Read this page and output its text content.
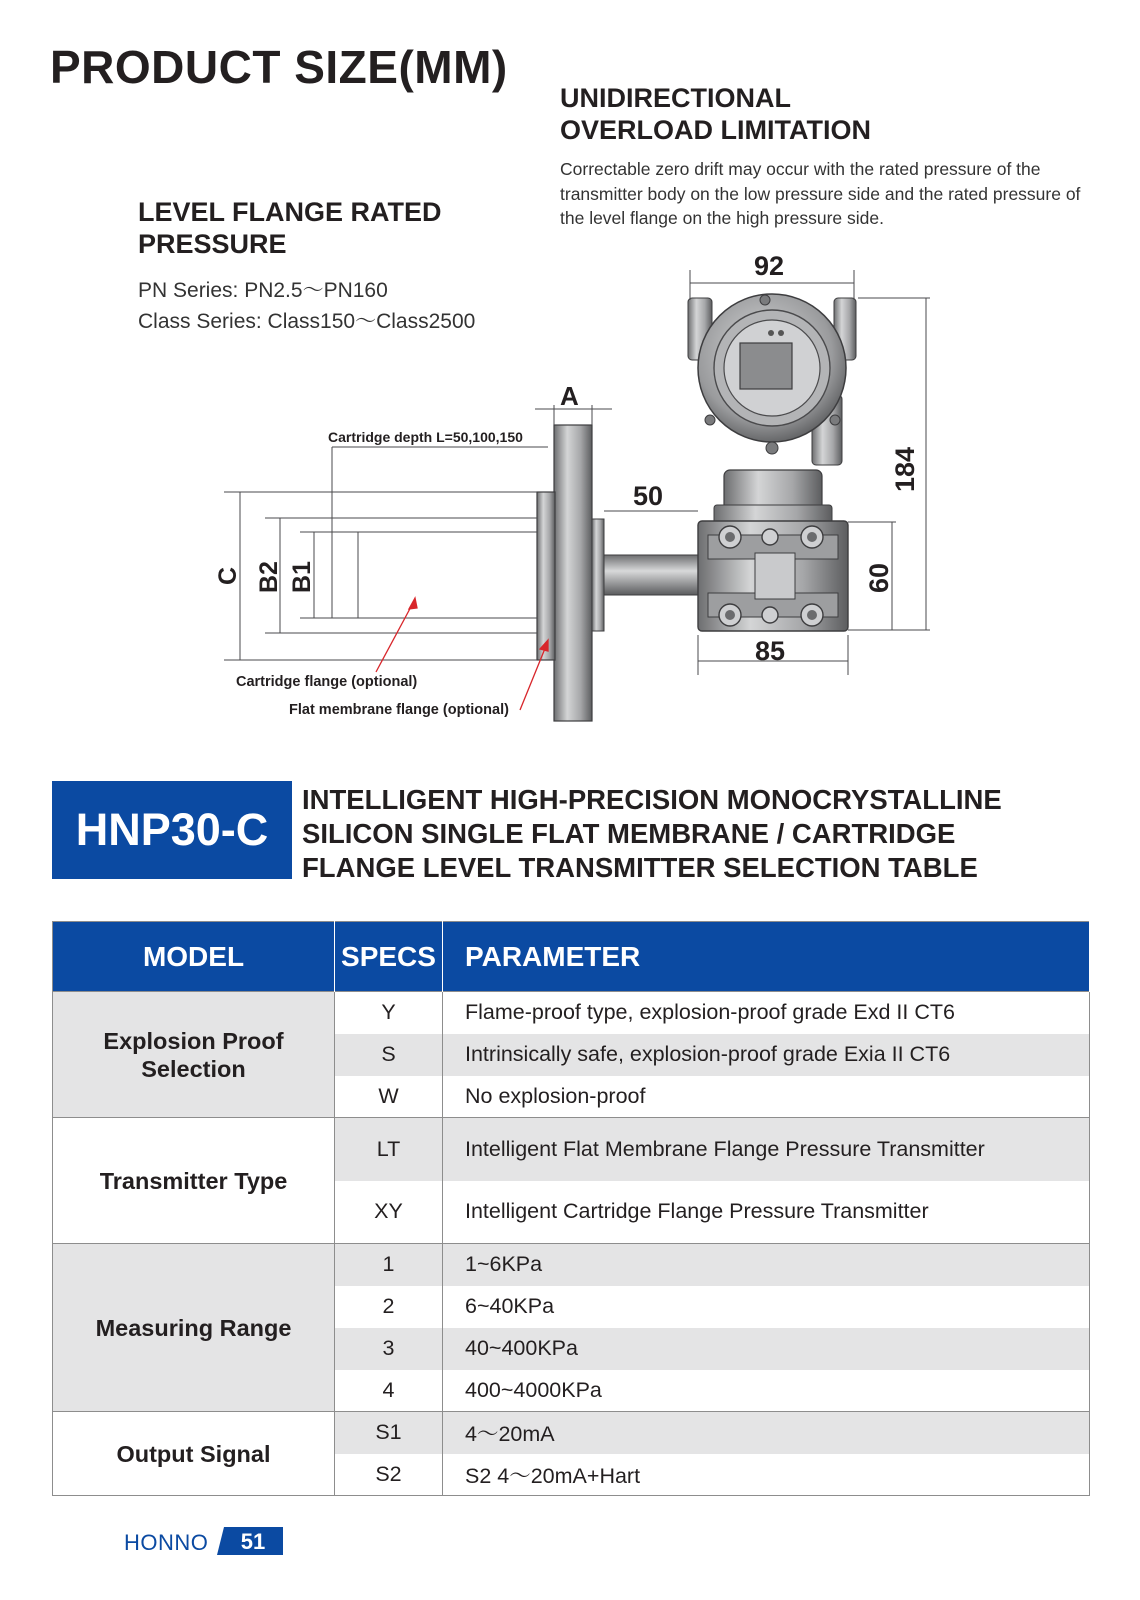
PRODUCT SIZE(MM)
UNIDIRECTIONAL
OVERLOAD LIMITATION
Correctable zero drift may occur with the rated pressure of the transmitter body on the low pressure side and the rated pressure of the level flange on the high pressure side.
LEVEL FLANGE RATED
PRESSURE
PN Series: PN2.5～PN160
Class Series: Class150～Class2500
92
184
50
60
85
A
C B2 B1
Cartridge depth L=50,100,150
Cartridge flange (optional)
Flat membrane flange (optional)
HNP30-C
INTELLIGENT HIGH-PRECISION MONOCRYSTALLINE
SILICON SINGLE FLAT MEMBRANE / CARTRIDGE
FLANGE LEVEL TRANSMITTER SELECTION TABLE
MODEL	SPECS	PARAMETER

Explosion Proof Selection	Y	Flame-proof type, explosion-proof grade Exd II CT6
	S	Intrinsically safe, explosion-proof grade Exia II CT6
	W	No explosion-proof
Transmitter Type	LT	Intelligent Flat Membrane Flange Pressure Transmitter
	XY	Intelligent Cartridge Flange Pressure Transmitter
Measuring Range	1	1~6KPa
	2	6~40KPa
	3	40~400KPa
	4	400~4000KPa
Output Signal	S1	4～20mA
	S2	S2 4～20mA+Hart
HONNO 51
